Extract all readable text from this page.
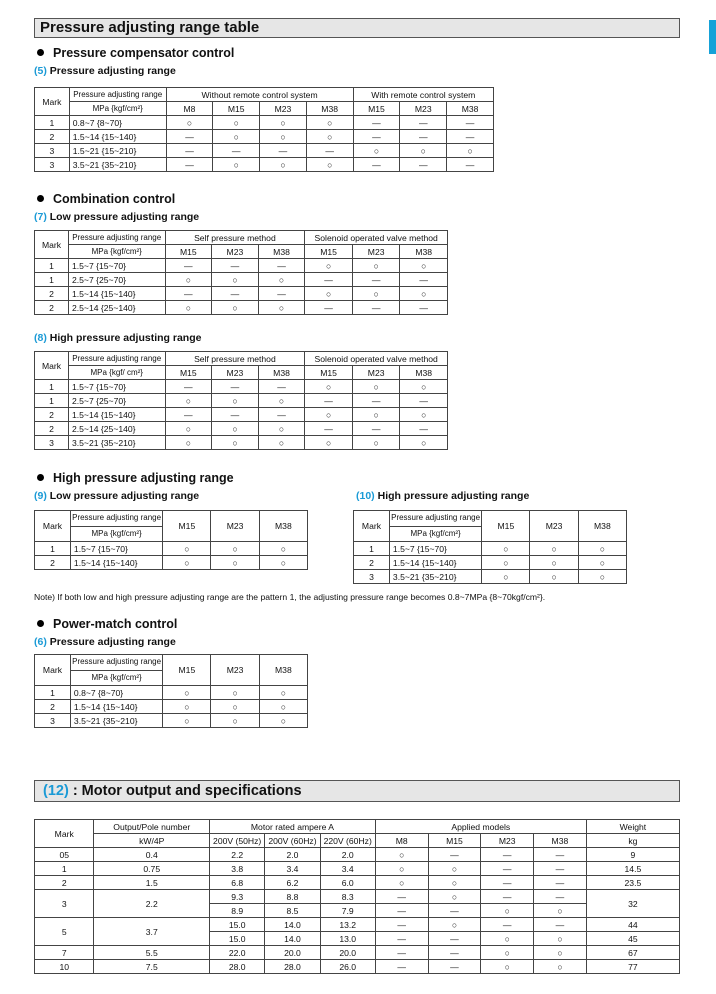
Pressure adjusting range table
Pressure compensator control
(5) Pressure adjusting range
Mark	Pressure adjusting range	Without remote control system				With remote control system		
	MPa {kgf/cm²}	M8	M15	M23	M38	M15	M23	M38
1	0.8~7 {8~70}	○	○	○	○	—	—	—
2	1.5~14 {15~140}	—	○	○	○	—	—	—
3	1.5~21 {15~210}	—	—	—	—	○	○	○
3	3.5~21 {35~210}	—	○	○	○	—	—	—
Combination control
(7) Low pressure adjusting range
Mark	Pressure adjusting range	Self pressure method			Solenoid operated valve method		
	MPa {kgf/cm²}	M15	M23	M38	M15	M23	M38
1	1.5~7 {15~70}	—	—	—	○	○	○
1	2.5~7 {25~70}	○	○	○	—	—	—
2	1.5~14 {15~140}	—	—	—	○	○	○
2	2.5~14 {25~140}	○	○	○	—	—	—
(8) High pressure adjusting range
Mark	Pressure adjusting range	Self pressure method			Solenoid operated valve method		
	MPa {kgf/ cm²}	M15	M23	M38	M15	M23	M38
1	1.5~7 {15~70}	—	—	—	○	○	○
1	2.5~7 {25~70}	○	○	○	—	—	—
2	1.5~14 {15~140}	—	—	—	○	○	○
2	2.5~14 {25~140}	○	○	○	—	—	—
3	3.5~21 {35~210}	○	○	○	○	○	○
High pressure adjusting range
(9) Low pressure adjusting range	(10) High pressure adjusting range
Mark	Pressure adjusting range	M15	M23	M38
	MPa {kgf/cm²}			
1	1.5~7 {15~70}	○	○	○
2	1.5~14 {15~140}	○	○	○
Mark	Pressure adjusting range	M15	M23	M38
	MPa {kgf/cm²}			
1	1.5~7 {15~70}	○	○	○
2	1.5~14 {15~140}	○	○	○
3	3.5~21 {35~210}	○	○	○
Note) If both low and high pressure adjusting range are the pattern 1, the adjusting pressure range becomes 0.8~7MPa {8~70kgf/cm²}.
Power-match control
(6) Pressure adjusting range
Mark	Pressure adjusting range	M15	M23	M38
	MPa {kgf/cm²}			
1	0.8~7 {8~70}	○	○	○
2	1.5~14 {15~140}	○	○	○
3	3.5~21 {35~210}	○	○	○
(12) : Motor output and specifications
Mark	Output/Pole number	Motor rated ampere A			Applied models				Weight
	kW/4P	200V (50Hz)	200V (60Hz)	220V (60Hz)	M8	M15	M23	M38	kg
05	0.4	2.2	2.0	2.0	○	—	—	—	9
1	0.75	3.8	3.4	3.4	○	○	—	—	14.5
2	1.5	6.8	6.2	6.0	○	○	—	—	23.5
3	2.2	9.3	8.8	8.3	—	○	—	—	32
		8.9	8.5	7.9	—	—	○	○	
5	3.7	15.0	14.0	13.2	—	○	—	—	44
		15.0	14.0	13.0	—	—	○	○	45
7	5.5	22.0	20.0	20.0	—	—	○	○	67
10	7.5	28.0	28.0	26.0	—	—	○	○	77
